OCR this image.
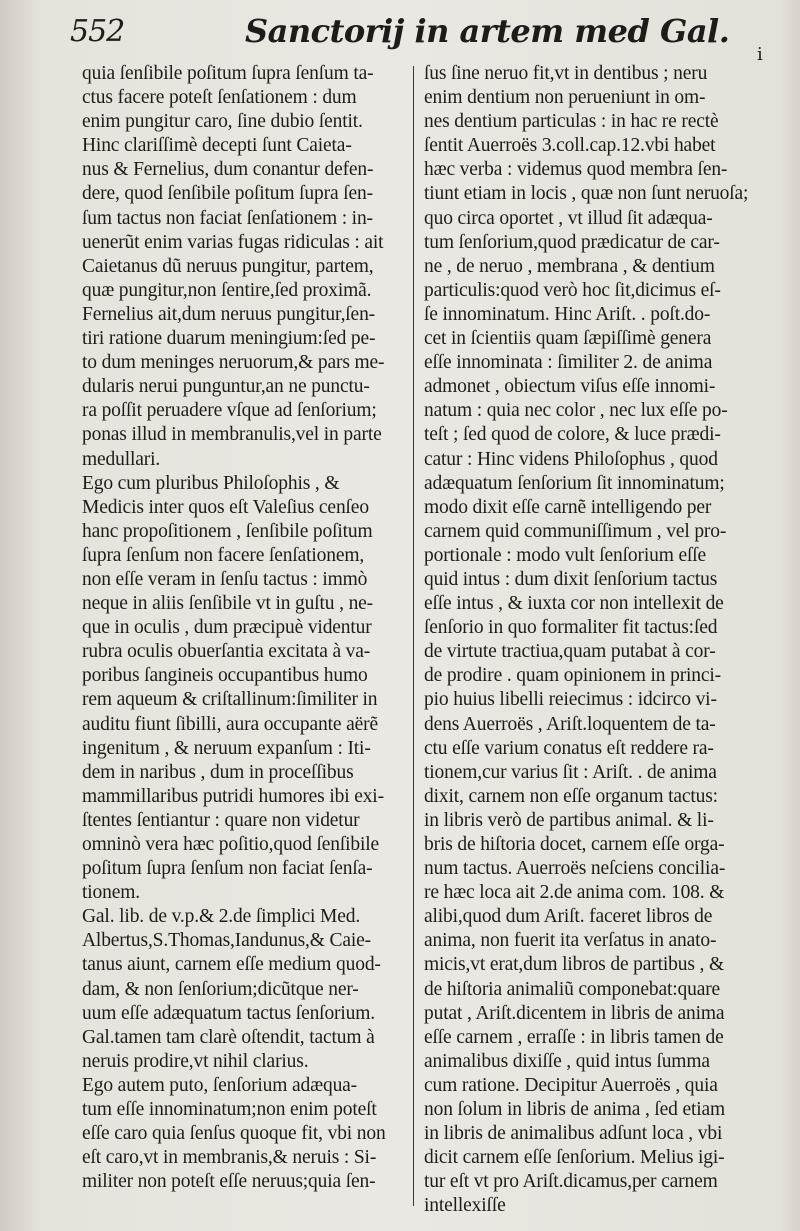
552	Sanctorij in artem med Gal.
i
quia ſenſibile poſitum ſupra ſenſum ta-
ctus facere poteſt ſenſationem : dum
enim pungitur caro, ſine dubio ſentit.
Hinc clariſſimè decepti ſunt Caieta-
nus & Fernelius, dum conantur defen-
dere, quod ſenſibile poſitum ſupra ſen-
ſum tactus non faciat ſenſationem : in-
uenerũt enim varias fugas ridiculas : ait
Caietanus dũ neruus pungitur, partem,
quæ pungitur,non ſentire,ſed proximã.
Fernelius ait,dum neruus pungitur,ſen-
tiri ratione duarum meningium:ſed pe-
to dum meninges neruorum,& pars me-
dularis nerui punguntur,an ne punctu-
ra poſſit peruadere vſque ad ſenſorium;
ponas illud in membranulis,vel in parte
medullari.
Ego cum pluribus Philoſophis , &
Medicis inter quos eſt Valeſius cenſeo
hanc propoſitionem , ſenſibile poſitum
ſupra ſenſum non facere ſenſationem,
non eſſe veram in ſenſu tactus : immò
neque in aliis ſenſibile vt in guſtu , ne-
que in oculis , dum præcipuè videntur
rubra oculis obuerſantia excitata à va-
poribus ſangineis occupantibus humo
rem aqueum & criſtallinum:ſimiliter in
auditu fiunt ſibilli, aura occupante aërẽ
ingenitum , & neruum expanſum : Iti-
dem in naribus , dum in proceſſibus
mammillaribus putridi humores ibi exi-
ſtentes ſentiantur : quare non videtur
omninò vera hæc poſitio,quod ſenſibile
poſitum ſupra ſenſum non faciat ſenſa-
tionem.
Gal. lib. de v.p.& 2.de ſimplici Med.
Albertus,S.Thomas,Iandunus,& Caie-
tanus aiunt, carnem eſſe medium quod-
dam, & non ſenſorium;dicũtque ner-
uum eſſe adæquatum tactus ſenſorium.
Gal.tamen tam clarè oſtendit, tactum à
neruis prodire,vt nihil clarius.
Ego autem puto, ſenſorium adæqua-
tum eſſe innominatum;non enim poteſt
eſſe caro quia ſenſus quoque fit, vbi non
eſt caro,vt in membranis,& neruis : Si-
militer non poteſt eſſe neruus;quia ſen-
ſus ſine neruo fit,vt in dentibus ; neru
enim dentium non perueniunt in om-
nes dentium particulas : in hac re rectè
ſentit Auerroës 3.coll.cap.12.vbi habet
hæc verba : videmus quod membra ſen-
tiunt etiam in locis , quæ non ſunt neruoſa;
quo circa oportet , vt illud ſit adæqua-
tum ſenſorium,quod prædicatur de car-
ne , de neruo , membrana , & dentium
particulis:quod verò hoc ſit,dicimus eſ-
ſe innominatum. Hinc Ariſt. . poſt.do-
cet in ſcientiis quam ſæpiſſimè genera
eſſe innominata : ſimiliter 2. de anima
admonet , obiectum viſus eſſe innomi-
natum : quia nec color , nec lux eſſe po-
teſt ; ſed quod de colore, & luce prædi-
catur : Hinc videns Philoſophus , quod
adæquatum ſenſorium ſit innominatum;
modo dixit eſſe carnẽ intelligendo per
carnem quid communiſſimum , vel pro-
portionale : modo vult ſenſorium eſſe
quid intus : dum dixit ſenſorium tactus
eſſe intus , & iuxta cor non intellexit de
ſenſorio in quo formaliter fit tactus:ſed
de virtute tractiua,quam putabat à cor-
de prodire . quam opinionem in princi-
pio huius libelli reiecimus : idcirco vi-
dens Auerroës , Ariſt.loquentem de ta-
ctu eſſe varium conatus eſt reddere ra-
tionem,cur varius ſit : Ariſt. . de anima
dixit, carnem non eſſe organum tactus:
in libris verò de partibus animal. & li-
bris de hiſtoria docet, carnem eſſe orga-
num tactus. Auerroës neſciens concilia-
re hæc loca ait 2.de anima com. 108. &
alibi,quod dum Ariſt. faceret libros de
anima, non fuerit ita verſatus in anato-
micis,vt erat,dum libros de partibus , &
de hiſtoria animaliũ componebat:quare
putat , Ariſt.dicentem in libris de anima
eſſe carnem , erraſſe : in libris tamen de
animalibus dixiſſe , quid intus ſumma
cum ratione. Decipitur Auerroës , quia
non ſolum in libris de anima , ſed etiam
in libris de animalibus adſunt loca , vbi
dicit carnem eſſe ſenſorium. Melius igi-
tur eſt vt pro Ariſt.dicamus,per carnem
intellexiſſe
